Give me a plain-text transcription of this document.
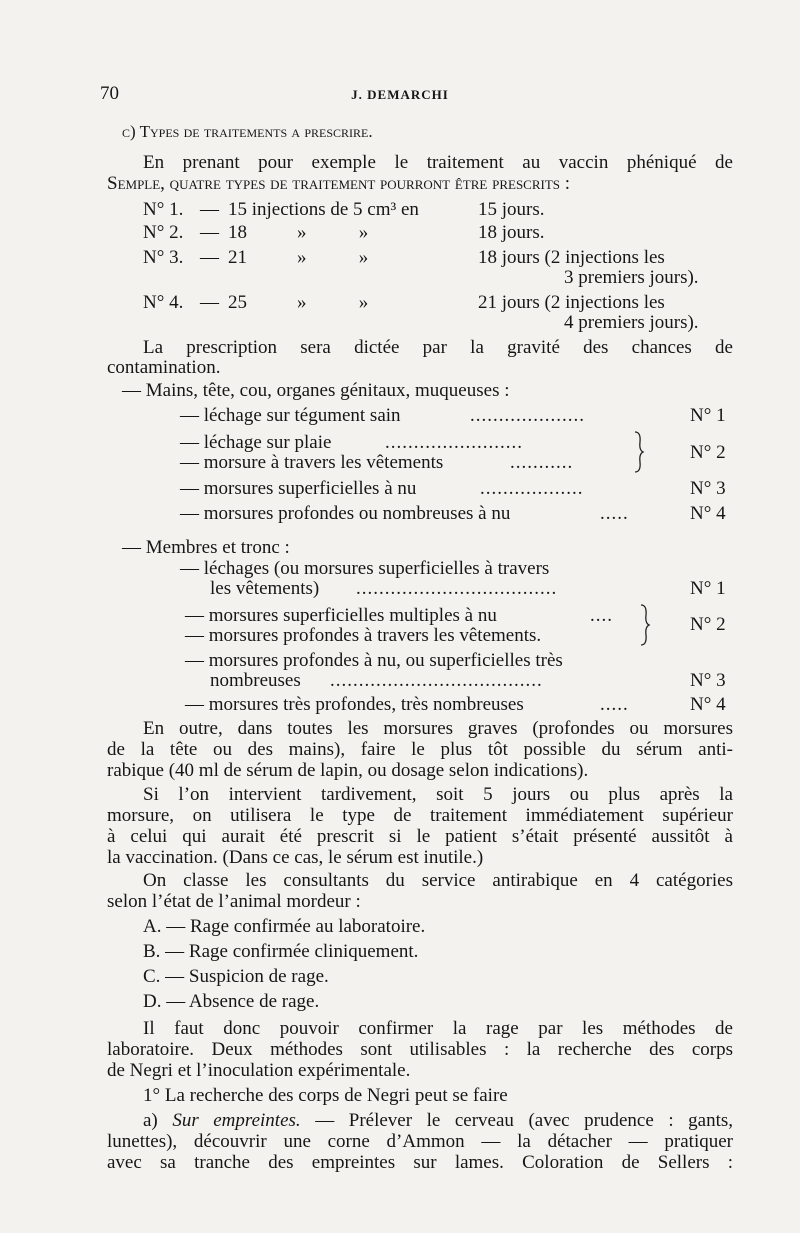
70	J. DEMARCHI
c) Types de traitements a prescrire.
En prenant pour exemple le traitement au vaccin phéniqué de
Semple, quatre types de traitement pourront être prescrits :
N° 1. — 15 injections de 5 cm³ en	15 jours.
N° 2. — 18	»           »	18 jours.
N° 3. — 21	»           »	18 jours (2 injections les
3 premiers jours).
N° 4. — 25	»           »	21 jours (2 injections les
4 premiers jours).
La prescription sera dictée par la gravité des chances de
contamination.
— Mains, tête, cou, organes génitaux, muqueuses :
— léchage sur tégument sain	....................	N° 1
— léchage sur plaie	........................
— morsure à travers les vêtements	...........	N° 2
— morsures superficielles à nu	..................	N° 3
— morsures profondes ou nombreuses à nu	.....	N° 4
— Membres et tronc :
— léchages (ou morsures superficielles à travers
les vêtements) ...................................	N° 1
— morsures superficielles multiples à nu	....
— morsures profondes à travers les vêtements.
N° 2
— morsures profondes à nu, ou superficielles très
nombreuses .....................................	N° 3
— morsures très profondes, très nombreuses	.....	N° 4
En outre, dans toutes les morsures graves (profondes ou morsures
de la tête ou des mains), faire le plus tôt possible du sérum anti-
rabique (40 ml de sérum de lapin, ou dosage selon indications).
Si l’on intervient tardivement, soit 5 jours ou plus après la
morsure, on utilisera le type de traitement immédiatement supérieur
à celui qui aurait été prescrit si le patient s’était présenté aussitôt à
la vaccination. (Dans ce cas, le sérum est inutile.)
On classe les consultants du service antirabique en 4 catégories
selon l’état de l’animal mordeur :
A. — Rage confirmée au laboratoire.
B. — Rage confirmée cliniquement.
C. — Suspicion de rage.
D. — Absence de rage.
Il faut donc pouvoir confirmer la rage par les méthodes de
laboratoire. Deux méthodes sont utilisables : la recherche des corps
de Negri et l’inoculation expérimentale.
1° La recherche des corps de Negri peut se faire
a) Sur empreintes. — Prélever le cerveau (avec prudence : gants,
lunettes), découvrir une corne d’Ammon — la détacher — pratiquer
avec sa tranche des empreintes sur lames. Coloration de Sellers :
